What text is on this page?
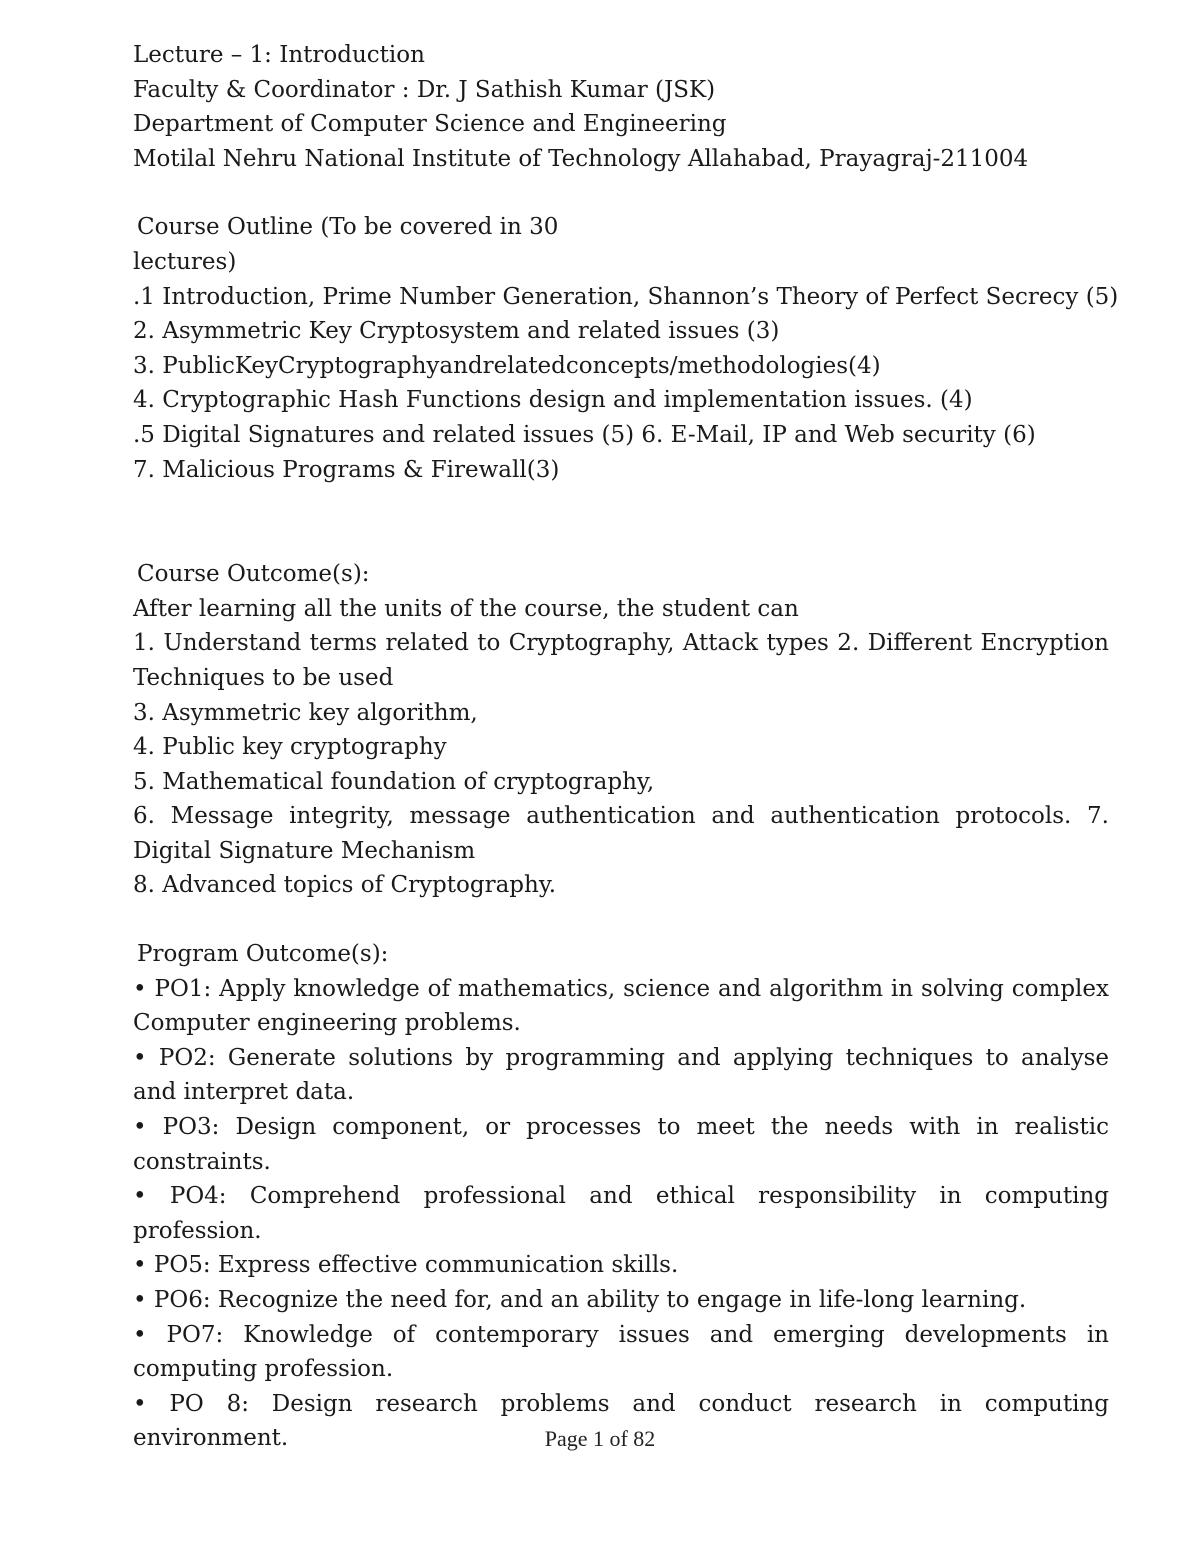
Lecture – 1: Introduction
Faculty & Coordinator : Dr. J Sathish Kumar (JSK)
Department of Computer Science and Engineering
Motilal Nehru National Institute of Technology Allahabad, Prayagraj-211004
Course Outline (To be covered in 30
lectures)
.1 Introduction, Prime Number Generation, Shannon’s Theory of Perfect Secrecy (5)
2. Asymmetric Key Cryptosystem and related issues (3)
3. PublicKeyCryptographyandrelatedconcepts/methodologies(4)
4. Cryptographic Hash Functions design and implementation issues. (4)
.5 Digital Signatures and related issues (5) 6. E-Mail, IP and Web security (6)
7. Malicious Programs & Firewall(3)
Course Outcome(s):
After learning all the units of the course, the student can
1. Understand terms related to Cryptography, Attack types 2. Different Encryption Techniques to be used
3. Asymmetric key algorithm,
4. Public key cryptography
5. Mathematical foundation of cryptography,
6. Message integrity, message authentication and authentication protocols. 7. Digital Signature Mechanism
8. Advanced topics of Cryptography.
Program Outcome(s):
• PO1: Apply knowledge of mathematics, science and algorithm in solving complex Computer engineering problems.
• PO2: Generate solutions by programming and applying techniques to analyse and interpret data.
• PO3: Design component, or processes to meet the needs with in realistic constraints.
• PO4: Comprehend professional and ethical responsibility in computing profession.
• PO5: Express effective communication skills.
• PO6: Recognize the need for, and an ability to engage in life-long learning.
• PO7: Knowledge of contemporary issues and emerging developments in computing profession.
• PO 8: Design research problems and conduct research in computing environment.	Page 1 of 82
